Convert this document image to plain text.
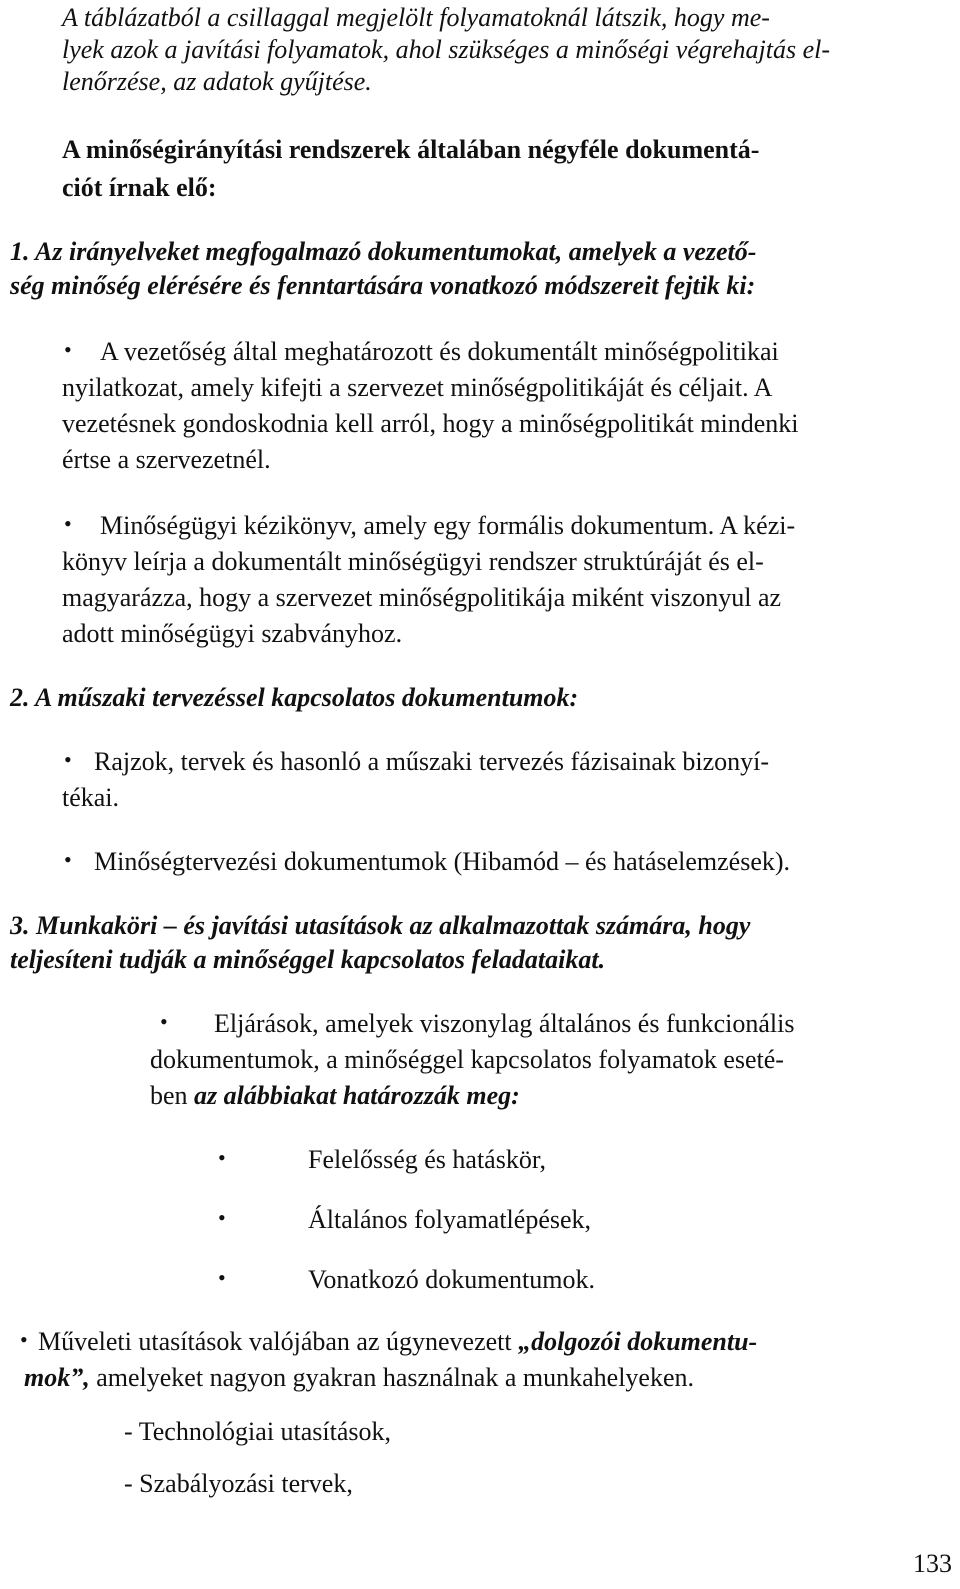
A táblázatból a csillaggal megjelölt folyamatoknál látszik, hogy me-
lyek azok a javítási folyamatok, ahol szükséges a minőségi végrehajtás el-
lenőrzése, az adatok gyűjtése.
A minőségirányítási rendszerek általában négyféle dokumentá-
ciót írnak elő:
1. Az irányelveket megfogalmazó dokumentumokat, amelyek a vezető-
ség minőség elérésére és fenntartására vonatkozó módszereit fejtik ki:
• A vezetőség által meghatározott és dokumentált minőségpolitikai
nyilatkozat, amely kifejti a szervezet minőségpolitikáját és céljait. A
vezetésnek gondoskodnia kell arról, hogy a minőségpolitikát mindenki
értse a szervezetnél.
• Minőségügyi kézikönyv, amely egy formális dokumentum. A kézi-
könyv leírja a dokumentált minőségügyi rendszer struktúráját és el-
magyarázza, hogy a szervezet minőségpolitikája miként viszonyul az
adott minőségügyi szabványhoz.
2. A műszaki tervezéssel kapcsolatos dokumentumok:
• Rajzok, tervek és hasonló a műszaki tervezés fázisainak bizonyí-
tékai.
• Minőségtervezési dokumentumok (Hibamód – és hatáselemzések).
3. Munkaköri – és javítási utasítások az alkalmazottak számára, hogy
teljesíteni tudják a minőséggel kapcsolatos feladataikat.
• Eljárások, amelyek viszonylag általános és funkcionális
dokumentumok, a minőséggel kapcsolatos folyamatok eseté-
ben az alábbiakat határozzák meg:
•	Felelősség és hatáskör,
•	Általános folyamatlépések,
•	Vonatkozó dokumentumok.
• Műveleti utasítások valójában az úgynevezett „dolgozói dokumentu-
mok”, amelyeket nagyon gyakran használnak a munkahelyeken.
- Technológiai utasítások,
- Szabályozási tervek,
133
